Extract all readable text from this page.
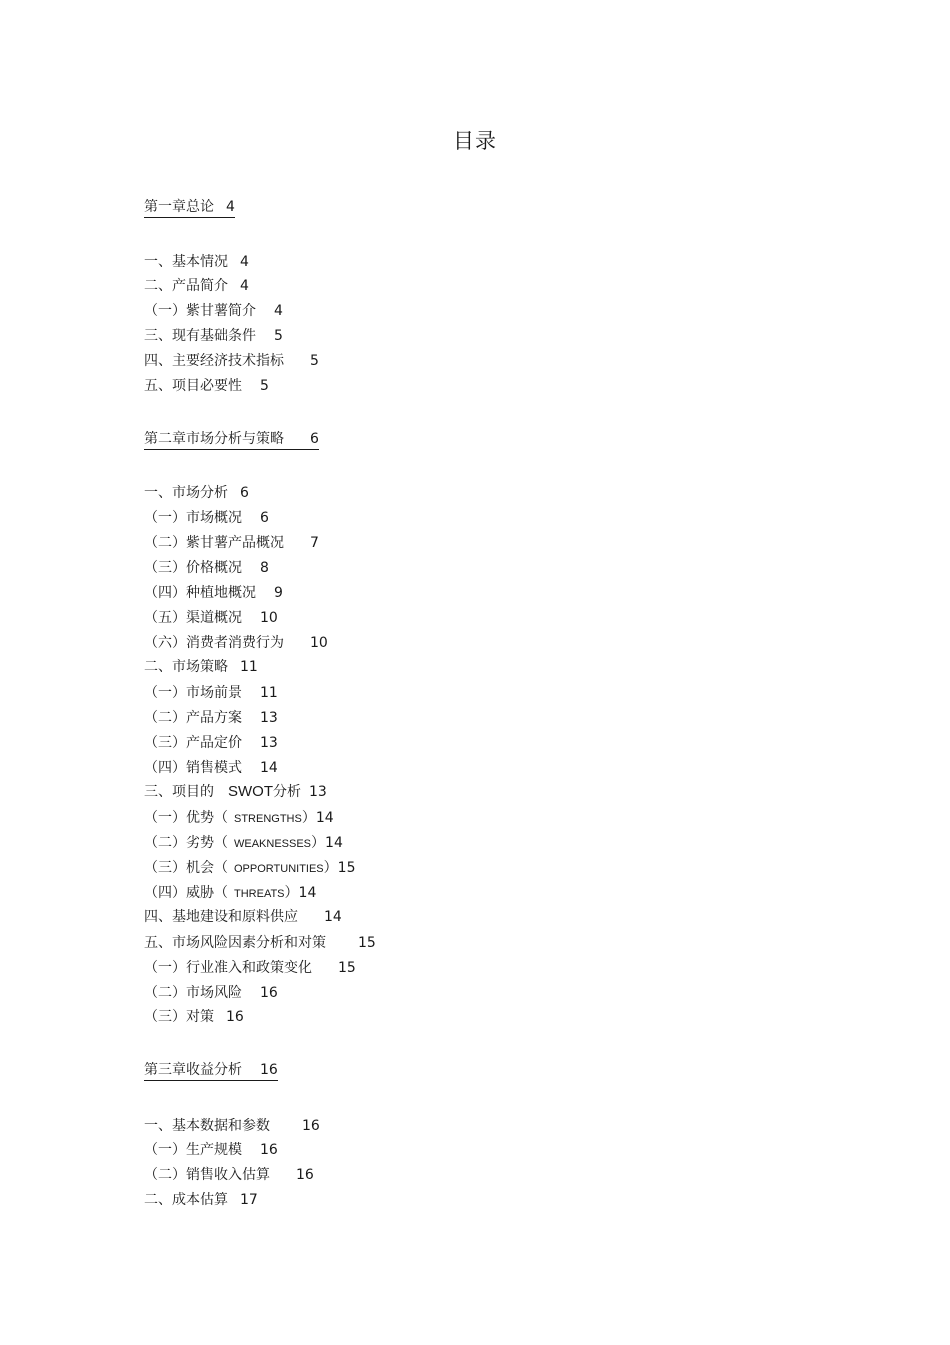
目录
第一章总论 4
一、基本情况 4
二、产品简介 4
（一）紫甘薯简介 4
三、现有基础条件 5
四、主要经济技术指标 5
五、项目必要性 5
第二章市场分析与策略 6
一、市场分析 6
（一）市场概况 6
（二）紫甘薯产品概况 7
（三）价格概况 8
（四）种植地概况 9
（五）渠道概况 10
（六）消费者消费行为 10
二、市场策略 11
（一）市场前景 11
（二）产品方案 13
（三）产品定价 13
（四）销售模式 14
三、项目的 SWOT分析 13
（一）优势（ STRENGTHS）14
（二）劣势（ WEAKNESSES）14
（三）机会（ OPPORTUNITIES）15
（四）威胁（ THREATS）14
四、基地建设和原料供应 14
五、市场风险因素分析和对策 15
（一）行业准入和政策变化 15
（二）市场风险 16
（三）对策 16
第三章收益分析 16
一、基本数据和参数 16
（一）生产规模 16
（二）销售收入估算 16
二、成本估算 17
